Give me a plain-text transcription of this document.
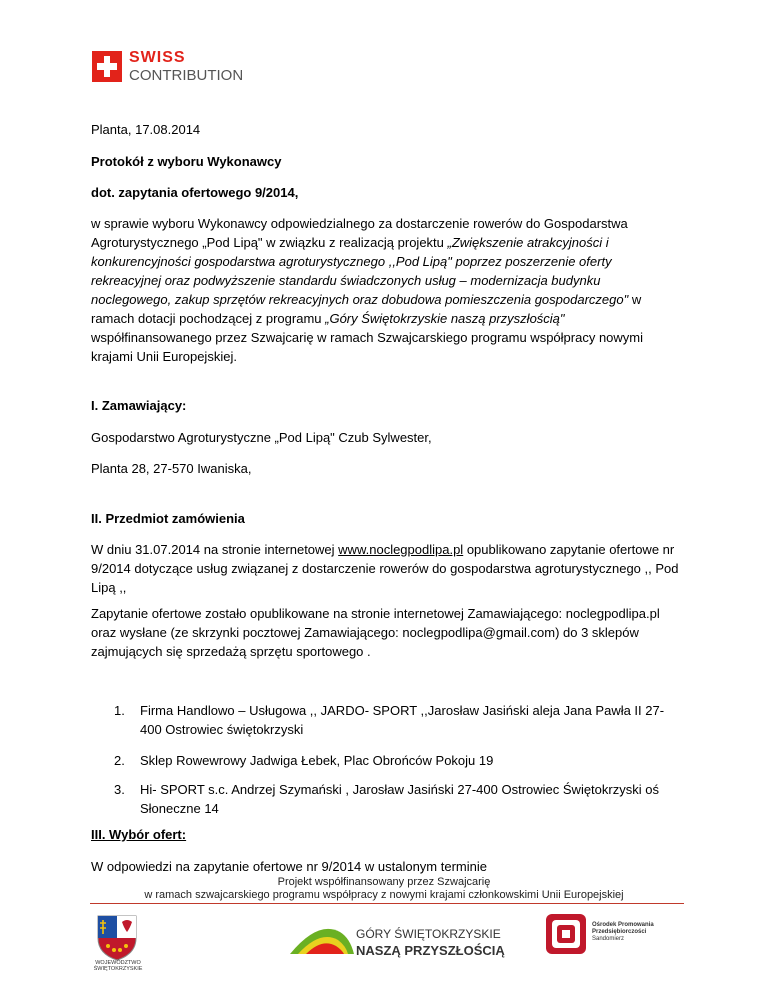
SWISS
CONTRIBUTION

Planta, 17.08.2014

Protokół z wyboru Wykonawcy

dot. zapytania ofertowego 9/2014,

w sprawie wyboru Wykonawcy odpowiedzialnego za dostarczenie rowerów do Gospodarstwa Agroturystycznego „Pod Lipą" w związku z realizacją projektu „Zwiększenie atrakcyjności i konkurencyjności gospodarstwa agroturystycznego ,,Pod Lipą" poprzez poszerzenie oferty rekreacyjnej oraz podwyższenie standardu świadczonych usług – modernizacja budynku noclegowego, zakup sprzętów rekreacyjnych oraz dobudowa pomieszczenia gospodarczego" w ramach dotacji pochodzącej z programu „Góry Świętokrzyskie naszą przyszłością" współfinansowanego przez Szwajcarię w ramach Szwajcarskiego programu współpracy nowymi krajami Unii Europejskiej.

I. Zamawiający:

Gospodarstwo Agroturystyczne „Pod Lipą" Czub Sylwester,

Planta 28, 27-570 Iwaniska,

II. Przedmiot zamówienia

W dniu 31.07.2014 na stronie internetowej www.noclegpodlipa.pl opublikowano zapytanie ofertowe nr 9/2014 dotyczące usług związanej z dostarczenie rowerów do gospodarstwa agroturystycznego ,, Pod Lipą ,,

Zapytanie ofertowe zostało opublikowane na stronie internetowej Zamawiającego: noclegpodlipa.pl oraz wysłane (ze skrzynki pocztowej Zamawiającego: noclegpodlipa@gmail.com) do 3 sklepów zajmujących się sprzedażą sprzętu sportowego .

1. Firma Handlowo – Usługowa ,, JARDO- SPORT ,,Jarosław Jasiński aleja Jana Pawła II 27-400 Ostrowiec świętokrzyski
2. Sklep Rowewrowy Jadwiga Łebek, Plac Obrońców Pokoju 19
3. Hi- SPORT s.c. Andrzej Szymański , Jarosław Jasiński 27-400 Ostrowiec Świętokrzyski oś Słoneczne 14

III. Wybór ofert:

W odpowiedzi na zapytanie ofertowe nr 9/2014 w ustalonym terminie

Projekt współfinansowany przez Szwajcarię
w ramach szwajcarskiego programu współpracy z nowymi krajami członkowskimi Unii Europejskiej
WOJEWÓDZTWO
ŚWIĘTOKRZYSKIE
GÓRY ŚWIĘTOKRZYSKIE
NASZĄ PRZYSZŁOŚCIĄ
Ośrodek Promowania
Przedsiębiorczości
Sandomierz
